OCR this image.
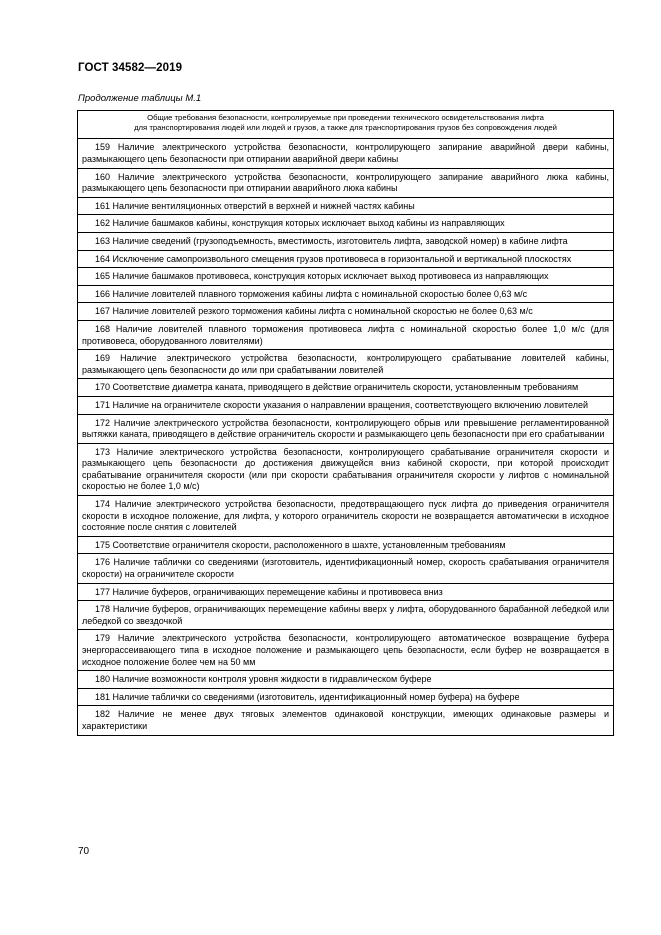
ГОСТ 34582—2019
Продолжение таблицы М.1
Общие требования безопасности, контролируемые при проведении технического освидетельствования лифта
для транспортирования людей или людей и грузов, а также для транспортирования грузов без сопровождения людей

159 Наличие электрического устройства безопасности, контролирующего запирание аварийной двери кабины, размыкающего цепь безопасности при отпирании аварийной двери кабины

160 Наличие электрического устройства безопасности, контролирующего запирание аварийного люка кабины, размыкающего цепь безопасности при отпирании аварийного люка кабины

161 Наличие вентиляционных отверстий в верхней и нижней частях кабины

162 Наличие башмаков кабины, конструкция которых исключает выход кабины из направляющих

163 Наличие сведений (грузоподъемность, вместимость, изготовитель лифта, заводской номер) в кабине лифта

164 Исключение самопроизвольного смещения грузов противовеса в горизонтальной и вертикальной плоскостях

165 Наличие башмаков противовеса, конструкция которых исключает выход противовеса из направляющих

166 Наличие ловителей плавного торможения кабины лифта с номинальной скоростью более 0,63 м/с

167 Наличие ловителей резкого торможения кабины лифта с номинальной скоростью не более 0,63 м/с

168 Наличие ловителей плавного торможения противовеса лифта с номинальной скоростью более 1,0 м/с (для противовеса, оборудованного ловителями)

169 Наличие электрического устройства безопасности, контролирующего срабатывание ловителей кабины, размыкающего цепь безопасности до или при срабатывании ловителей

170 Соответствие диаметра каната, приводящего в действие ограничитель скорости, установленным требованиям

171 Наличие на ограничителе скорости указания о направлении вращения, соответствующего включению ловителей

172 Наличие электрического устройства безопасности, контролирующего обрыв или превышение регламентированной вытяжки каната, приводящего в действие ограничитель скорости и размыкающего цепь безопасности при его срабатывании

173 Наличие электрического устройства безопасности, контролирующего срабатывание ограничителя скорости и размыкающего цепь безопасности до достижения движущейся вниз кабиной скорости, при которой происходит срабатывание ограничителя скорости (или при скорости срабатывания ограничителя скорости у лифтов с номинальной скоростью не более 1,0 м/с)

174 Наличие электрического устройства безопасности, предотвращающего пуск лифта до приведения ограничителя скорости в исходное положение, для лифта, у которого ограничитель скорости не возвращается автоматически в исходное состояние после снятия с ловителей

175 Соответствие ограничителя скорости, расположенного в шахте, установленным требованиям

176 Наличие таблички со сведениями (изготовитель, идентификационный номер, скорость срабатывания ограничителя скорости) на ограничителе скорости

177 Наличие буферов, ограничивающих перемещение кабины и противовеса вниз

178 Наличие буферов, ограничивающих перемещение кабины вверх у лифта, оборудованного барабанной лебедкой или лебедкой со звездочкой

179 Наличие электрического устройства безопасности, контролирующего автоматическое возвращение буфера энергорассеивающего типа в исходное положение и размыкающего цепь безопасности, если буфер не возвращается в исходное положение более чем на 50 мм

180 Наличие возможности контроля уровня жидкости в гидравлическом буфере

181 Наличие таблички со сведениями (изготовитель, идентификационный номер буфера) на буфере

182 Наличие не менее двух тяговых элементов одинаковой конструкции, имеющих одинаковые размеры и характеристики
70
